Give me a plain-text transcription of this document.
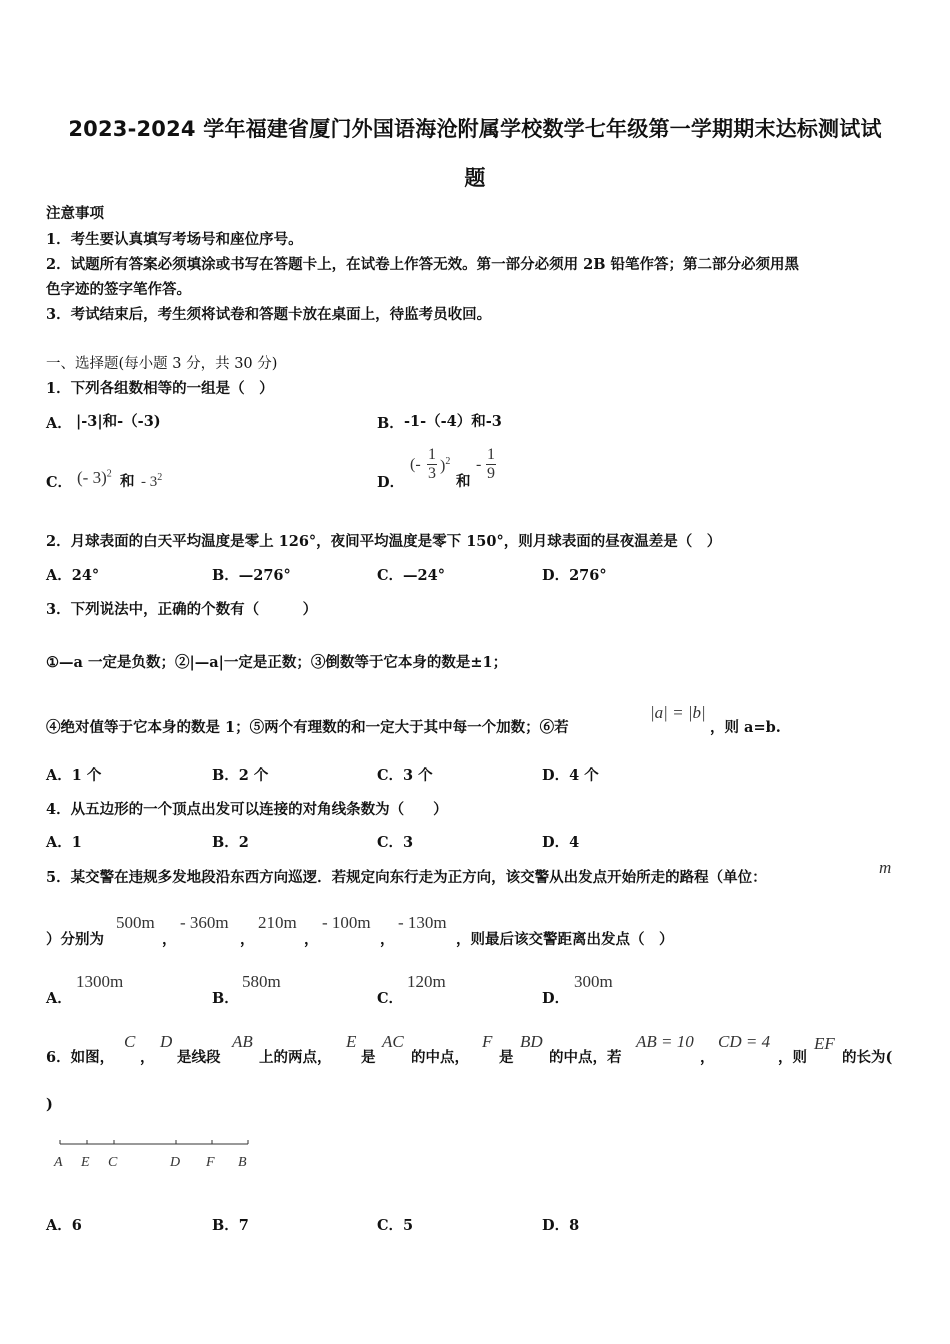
2023-2024 学年福建省厦门外国语海沧附属学校数学七年级第一学期期末达标测试试
题
注意事项
1．考生要认真填写考场号和座位序号。
2．试题所有答案必须填涂或书写在答题卡上，在试卷上作答无效。第一部分必须用 2B 铅笔作答；第二部分必须用黑
色字迹的签字笔作答。
3．考试结束后，考生须将试卷和答题卡放在桌面上，待监考员收回。
一、选择题(每小题 3 分，共 30 分)
1．下列各组数相等的一组是（　）
A． |-3|和-（-3)	B． -1-（-4）和-3
C． (- 3)$^2$ 和 - $3^2$	D．
(- $\frac{1}{3} )^2$
和
- $\frac{1}{9}$
2．月球表面的白天平均温度是零上 126°，夜间平均温度是零下 150°，则月球表面的昼夜温差是（　）
A．24°	B．—276°	C．—24°	D．276°
3．下列说法中，正确的个数有（　　　）
①—a 一定是负数；②|—a|一定是正数；③倒数等于它本身的数是±1；
④绝对值等于它本身的数是 1；⑤两个有理数的和一定大于其中每一个加数；⑥若
|a| = |b|
，则 a=b.
A．1 个	B．2 个	C．3 个	D．4 个
4．从五边形的一个顶点出发可以连接的对角线条数为（　　）
A．1	B．2	C．3	D．4
5．某交警在违规多发地段沿东西方向巡逻．若规定向东行走为正方向，该交警从出发点开始所走的路程（单位：
m
）分别为
500m
，
- 360m
，
210m
，
- 100m
，
- 130m
，则最后该交警距离出发点（　）
A．
1300m
B．
580m
C．
120m
D．
300m
6．如图，
C
，
D
是线段
AB
上的两点，
E
是
AC
的中点，
F
是
BD
的中点，若
AB = 10
，
CD = 4
，则
EF
的长为(
)
A E C	D F B
A．6	B．7	C．5	D．8
